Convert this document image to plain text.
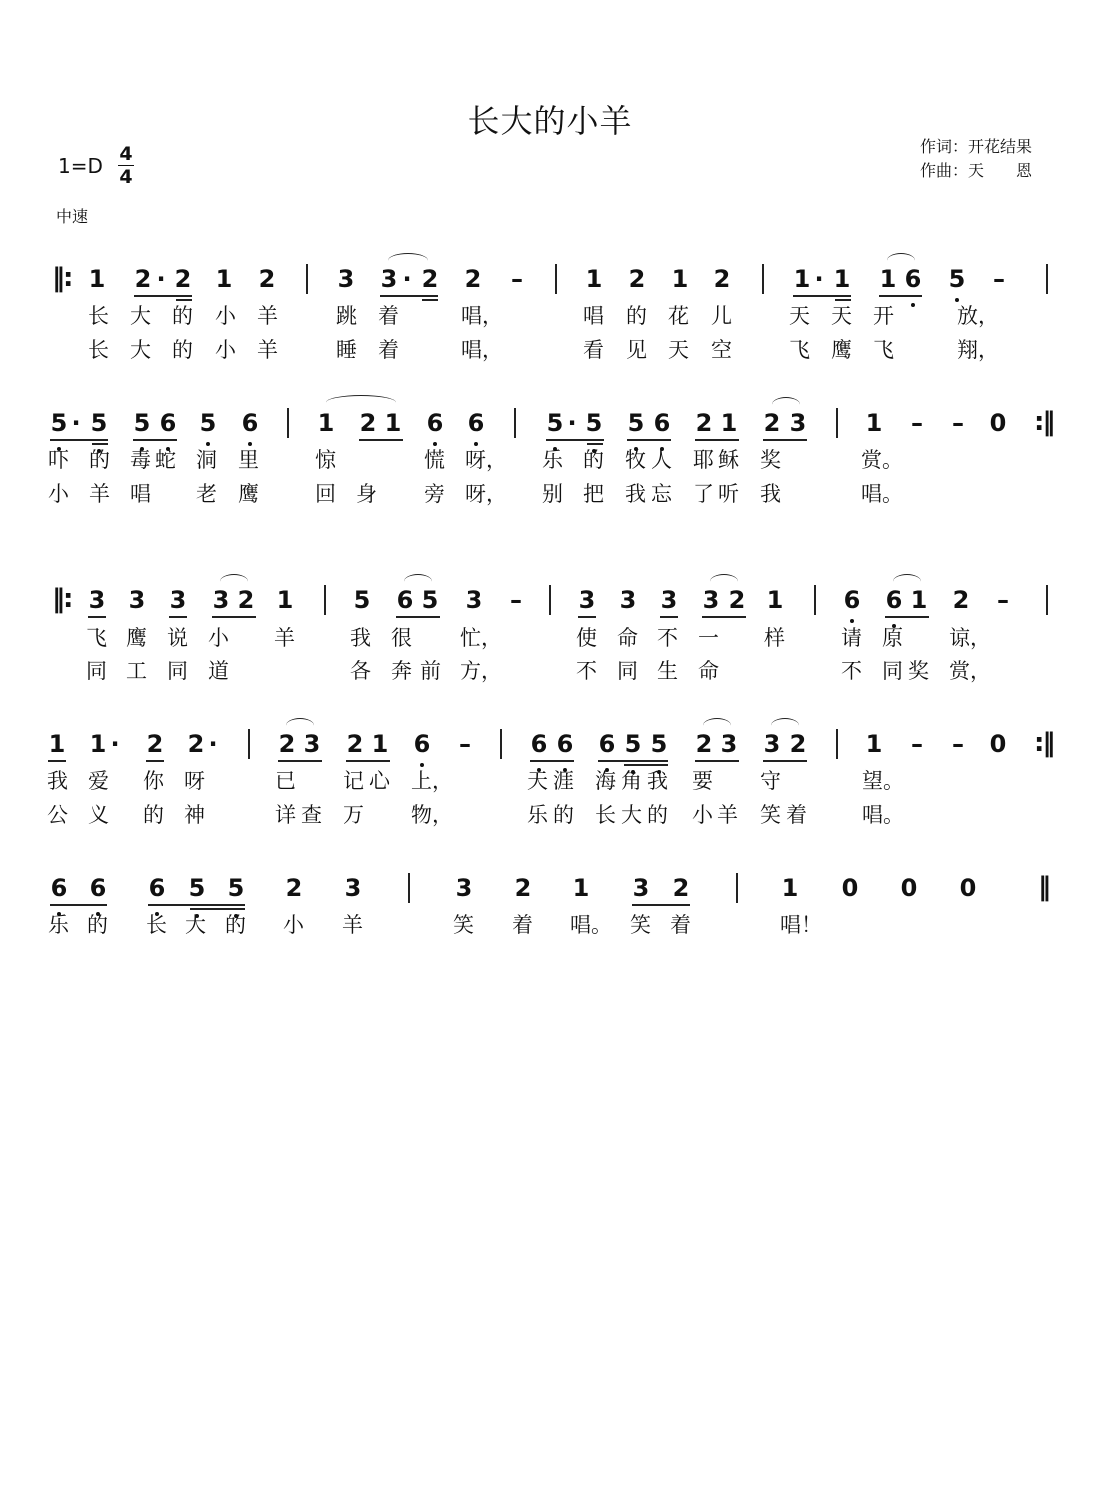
长大的小羊
作词：开花结果
作曲：天　　恩
1=D 4
4
中速
‖: 1 2 · 2 1 2	3 3 · 2 2 –	1 2 1 2	1 · 1 1 6 5 –
长 大 的 小 羊	跳 着	唱，	唱 的 花 儿	天 天 开	放，
长 大 的 小 羊	睡 着	唱，	看 见 天 空	飞 鹰 飞	翔，
5 · 5 5 6 5 6 1 2 1 6 6	5 · 5 5 6 2 1 2 3 1 – – 0 :‖
吓 的 毒 蛇 洞 里	惊	慌 呀， 乐 的 牧 人 耶 稣 奖	赏。
小 羊 唱 老 鹰	回 身 旁 呀， 别 把 我 忘 了 听 我	唱。
‖: 3 3 3 3 2 1	5 6 5 3 – 3 3 3 3 2 1	6 6 1 2 –
飞 鹰 说 小 羊	我 很 忙，	使 命 不 一 样	请 原 谅，
同 工 同 道	各 奔 前 方，	不 同 生 命	不 同 奖 赏，
1 1 · 2 2 ·	2 3 2 1 6 – 6 6 6 5 5 2 3 3 2 1 – – 0 :‖
我 爱 你 呀	已 记 心 上，	天 涯 海 角 我 要 守	望。
公 义 的 神	详 查 万 物，	乐 的 长 大 的 小 羊 笑 着	唱。
6 6 6 5 5 2 3	3 2 1 3 2	1 0 0 0 ‖
乐 的 长 大 的 小 羊	笑 着 唱。 笑 着	唱！
